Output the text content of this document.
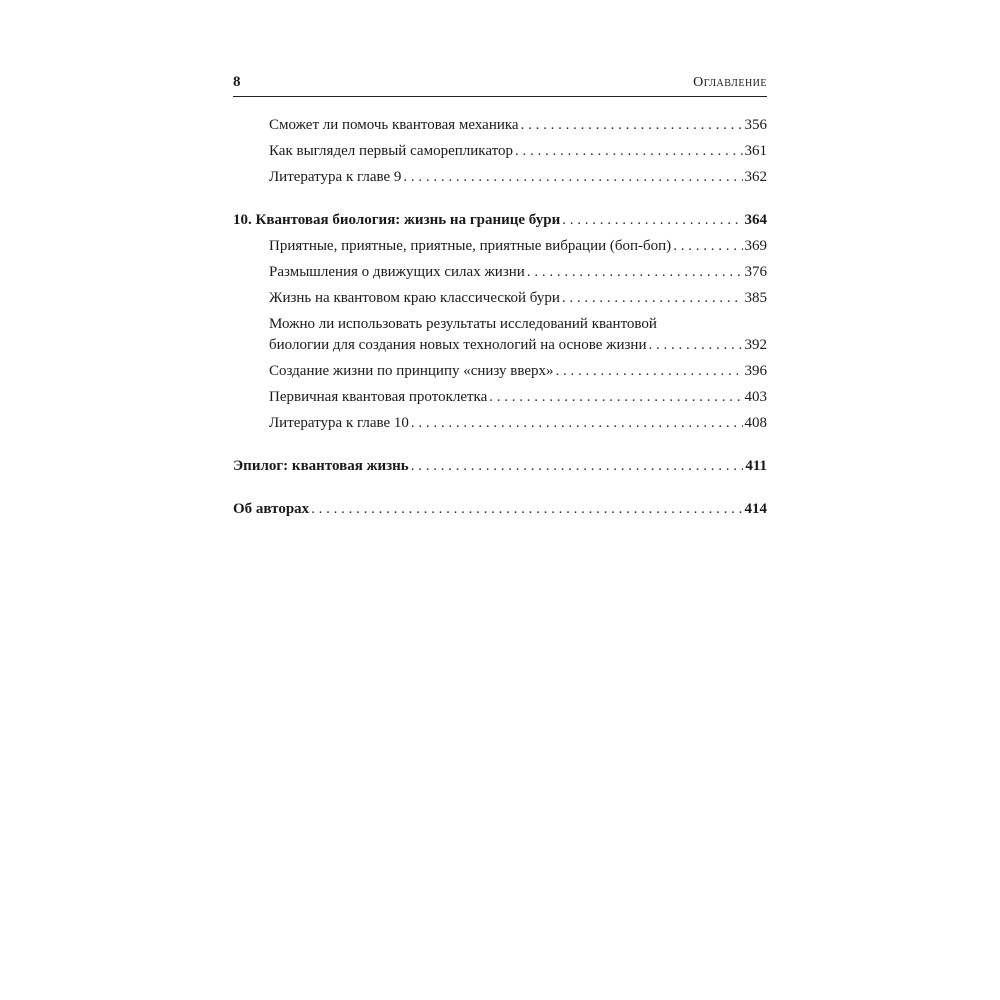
8	Оглавление
Сможет ли помочь квантовая механика . . .	356
Как выглядел первый саморепликатор . . .	361
Литература к главе 9 . . .	362
10. Квантовая биология: жизнь на границе бури . . .	364
Приятные, приятные, приятные, приятные вибрации (боп-боп) . . .	369
Размышления о движущих силах жизни . . .	376
Жизнь на квантовом краю классической бури . . .	385
Можно ли использовать результаты исследований квантовой
биологии для создания новых технологий на основе жизни . . .	392
Создание жизни по принципу «снизу вверх» . . .	396
Первичная квантовая протоклетка . . .	403
Литература к главе 10 . . .	408
Эпилог: квантовая жизнь . . .	411
Об авторах . . .	414
